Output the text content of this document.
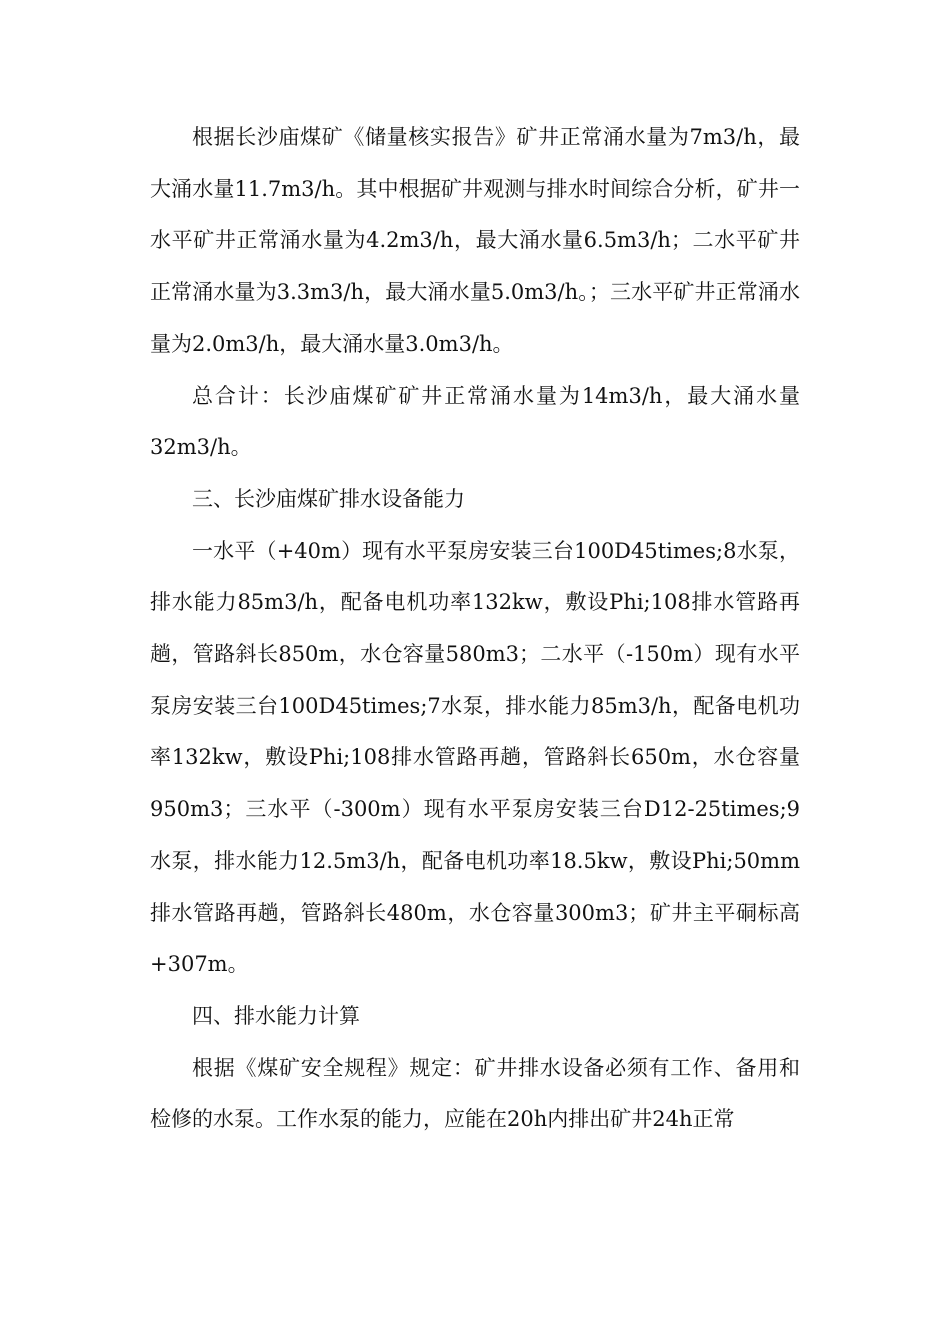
根据长沙庙煤矿《储量核实报告》矿井正常涌水量为7m3/h，最大涌水量11.7m3/h。其中根据矿井观测与排水时间综合分析，矿井一水平矿井正常涌水量为4.2m3/h，最大涌水量6.5m3/h；二水平矿井正常涌水量为3.3m3/h，最大涌水量5.0m3/h。；三水平矿井正常涌水量为2.0m3/h，最大涌水量3.0m3/h。

总合计：长沙庙煤矿矿井正常涌水量为14m3/h，最大涌水量32m3/h。

三、长沙庙煤矿排水设备能力

一水平（+40m）现有水平泵房安装三台100D45times;8水泵，排水能力85m3/h，配备电机功率132kw，敷设Phi;108排水管路再趟，管路斜长850m，水仓容量580m3；二水平（-150m）现有水平泵房安装三台100D45times;7水泵，排水能力85m3/h，配备电机功率132kw，敷设Phi;108排水管路再趟，管路斜长650m，水仓容量950m3；三水平（-300m）现有水平泵房安装三台D12-25times;9水泵，排水能力12.5m3/h，配备电机功率18.5kw，敷设Phi;50mm排水管路再趟，管路斜长480m，水仓容量300m3；矿井主平硐标高+307m。

四、排水能力计算

根据《煤矿安全规程》规定：矿井排水设备必须有工作、备用和检修的水泵。工作水泵的能力，应能在20h内排出矿井24h正常
